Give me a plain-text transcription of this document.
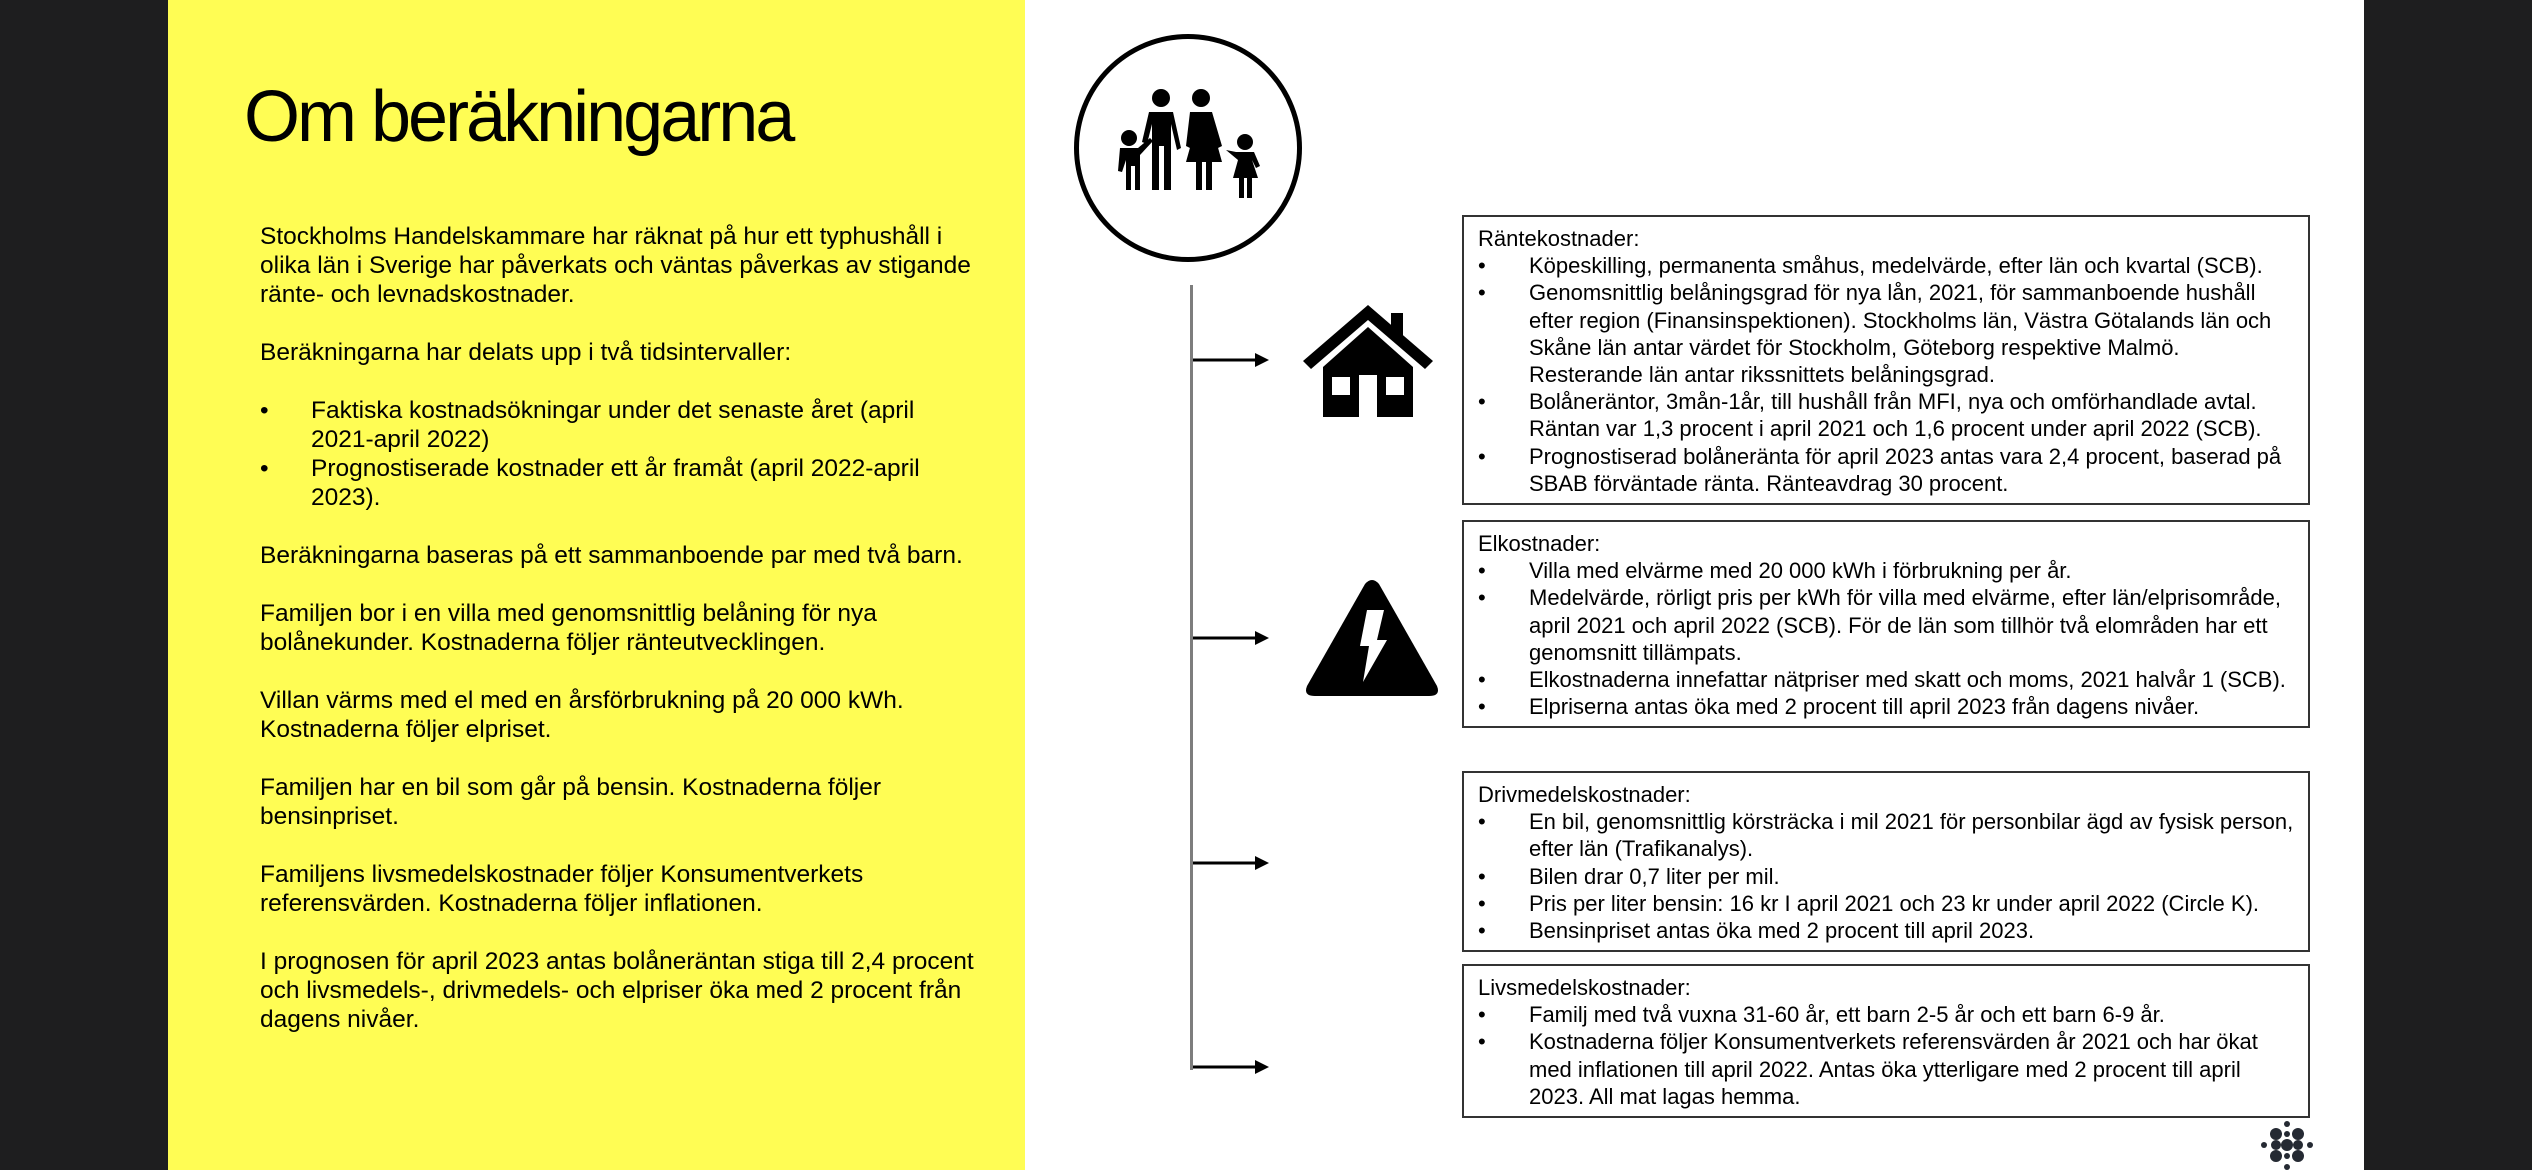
Om beräkningarna

Stockholms Handelskammare har räknat på hur ett typhushåll i olika län i Sverige har påverkats och väntas påverkas av stigande ränte- och levnadskostnader.

Beräkningarna har delats upp i två tidsintervaller:

• Faktiska kostnadsökningar under det senaste året (april 2021-april 2022)
• Prognostiserade kostnader ett år framåt (april 2022-april 2023).

Beräkningarna baseras på ett sammanboende par med två barn.

Familjen bor i en villa med genomsnittlig belåning för nya bolånekunder. Kostnaderna följer ränteutvecklingen.

Villan värms med el med en årsförbrukning på 20 000 kWh. Kostnaderna följer elpriset.

Familjen har en bil som går på bensin. Kostnaderna följer bensinpriset.

Familjens livsmedelskostnader följer Konsumentverkets referensvärden. Kostnaderna följer inflationen.

I prognosen för april 2023 antas bolåneräntan stiga till 2,4 procent och livsmedels-, drivmedels- och elpriser öka med 2 procent från dagens nivåer.

Räntekostnader:
• Köpeskilling, permanenta småhus, medelvärde, efter län och kvartal (SCB).
• Genomsnittlig belåningsgrad för nya lån, 2021, för sammanboende hushåll efter region (Finansinspektionen). Stockholms län, Västra Götalands län och Skåne län antar värdet för Stockholm, Göteborg respektive Malmö. Resterande län antar rikssnittets belåningsgrad.
• Bolåneräntor, 3mån-1år, till hushåll från MFI, nya och omförhandlade avtal. Räntan var 1,3 procent i april 2021 och 1,6 procent under april 2022 (SCB).
• Prognostiserad bolåneränta för april 2023 antas vara 2,4 procent, baserad på SBAB förväntade ränta. Ränteavdrag 30 procent.
Elkostnader:
• Villa med elvärme med 20 000 kWh i förbrukning per år.
• Medelvärde, rörligt pris per kWh för villa med elvärme, efter län/elprisområde, april 2021 och april 2022 (SCB). För de län som tillhör två elområden har ett genomsnitt tillämpats.
• Elkostnaderna innefattar nätpriser med skatt och moms, 2021 halvår 1 (SCB).
• Elpriserna antas öka med 2 procent till april 2023 från dagens nivåer.
Drivmedelskostnader:
• En bil, genomsnittlig körsträcka i mil 2021 för personbilar ägd av fysisk person, efter län (Trafikanalys).
• Bilen drar 0,7 liter per mil.
• Pris per liter bensin: 16 kr I april 2021 och 23 kr under april 2022 (Circle K).
• Bensinpriset antas öka med 2 procent till april 2023.
Livsmedelskostnader:
• Familj med två vuxna 31-60 år, ett barn 2-5 år och ett barn 6-9 år.
• Kostnaderna följer Konsumentverkets referensvärden år 2021 och har ökat med inflationen till april 2022. Antas öka ytterligare med 2 procent till april 2023. All mat lagas hemma.
